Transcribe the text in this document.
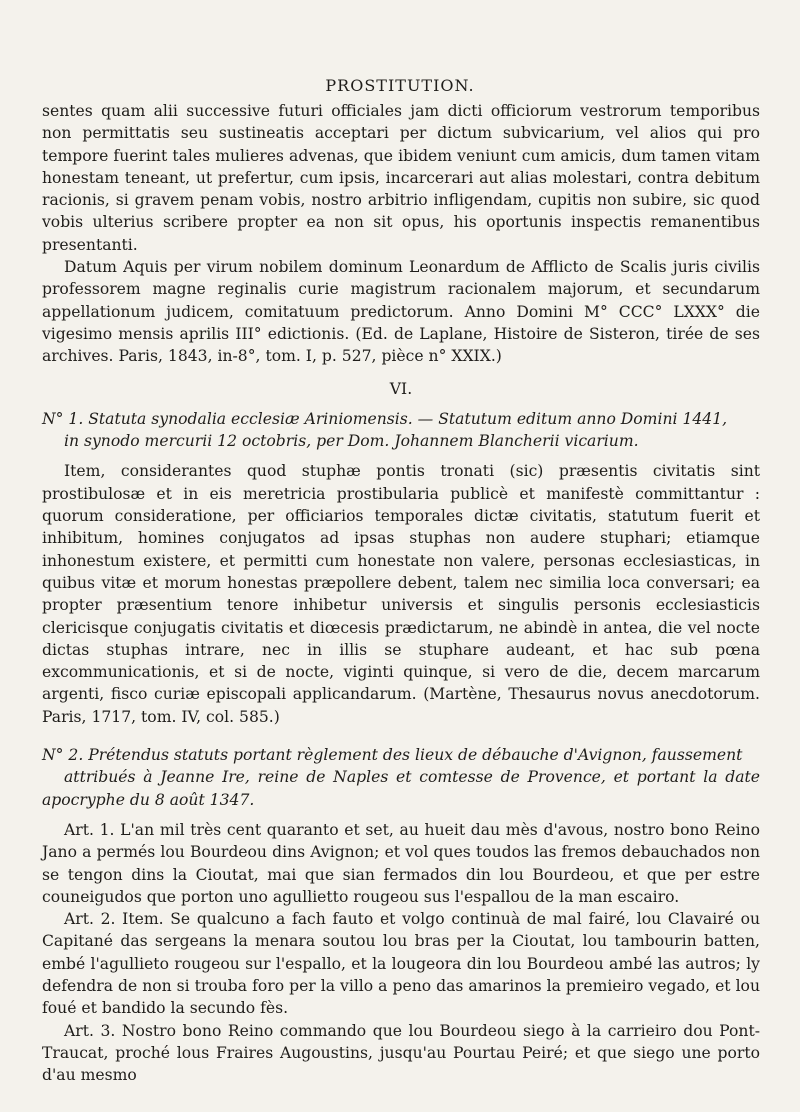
PROSTITUTION.

sentes quam alii successive futuri officiales jam dicti officiorum vestrorum temporibus non permittatis seu sustineatis acceptari per dictum subvicarium, vel alios qui pro tempore fuerint tales mulieres advenas, que ibidem veniunt cum amicis, dum tamen vitam honestam teneant, ut prefertur, cum ipsis, incarcerari aut alias molestari, contra debitum racionis, si gravem penam vobis, nostro arbitrio infligendam, cupitis non subire, sic quod vobis ulterius scribere propter ea non sit opus, his oportunis inspectis remanentibus presentanti.

Datum Aquis per virum nobilem dominum Leonardum de Afflicto de Scalis juris civilis professorem magne reginalis curie magistrum racionalem majorum, et secundarum appellationum judicem, comitatuum predictorum. Anno Domini M° CCC° LXXX° die vigesimo mensis aprilis III° edictionis. (Ed. de Laplane, Histoire de Sisteron, tirée de ses archives. Paris, 1843, in-8°, tom. I, p. 527, pièce n° XXIX.)

VI.

N° 1. Statuta synodalia ecclesiæ Ariniomensis. — Statutum editum anno Domini 1441,

in synodo mercurii 12 octobris, per Dom. Johannem Blancherii vicarium.

Item, considerantes quod stuphæ pontis tronati (sic) præsentis civitatis sint prostibulosæ et in eis meretricia prostibularia publicè et manifestè committantur : quorum consideratione, per officiarios temporales dictæ civitatis, statutum fuerit et inhibitum, homines conjugatos ad ipsas stuphas non audere stuphari; etiamque inhonestum existere, et permitti cum honestate non valere, personas ecclesiasticas, in quibus vitæ et morum honestas præpollere debent, talem nec similia loca conversari; ea propter præsentium tenore inhibetur universis et singulis personis ecclesiasticis clericisque conjugatis civitatis et diœcesis prædictarum, ne abindè in antea, die vel nocte dictas stuphas intrare, nec in illis se stuphare audeant, et hac sub pœna excommunicationis, et si de nocte, viginti quinque, si vero de die, decem marcarum argenti, fisco curiæ episcopali applicandarum. (Martène, Thesaurus novus anecdotorum. Paris, 1717, tom. IV, col. 585.)

N° 2. Prétendus statuts portant règlement des lieux de débauche d'Avignon, faussement

attribués à Jeanne Ire, reine de Naples et comtesse de Provence, et portant la date apocryphe du 8 août 1347.

Art. 1. L'an mil très cent quaranto et set, au hueit dau mès d'avous, nostro bono Reino Jano a permés lou Bourdeou dins Avignon; et vol ques toudos las fremos debauchados non se tengon dins la Cioutat, mai que sian fermados din lou Bourdeou, et que per estre couneigudos que porton uno agullietto rougeou sus l'espallou de la man escairo.

Art. 2. Item. Se qualcuno a fach fauto et volgo continuà de mal fairé, lou Clavairé ou Capitané das sergeans la menara soutou lou bras per la Cioutat, lou tambourin batten, embé l'agullieto rougeou sur l'espallo, et la lougeora din lou Bourdeou ambé las autros; ly defendra de non si trouba foro per la villo a peno das amarinos la premieiro vegado, et lou foué et bandido la secundo fès.

Art. 3. Nostro bono Reino commando que lou Bourdeou siego à la carrieiro dou Pont-Traucat, proché lous Fraires Augoustins, jusqu'au Pourtau Peiré; et que siego une porto d'au mesmo
